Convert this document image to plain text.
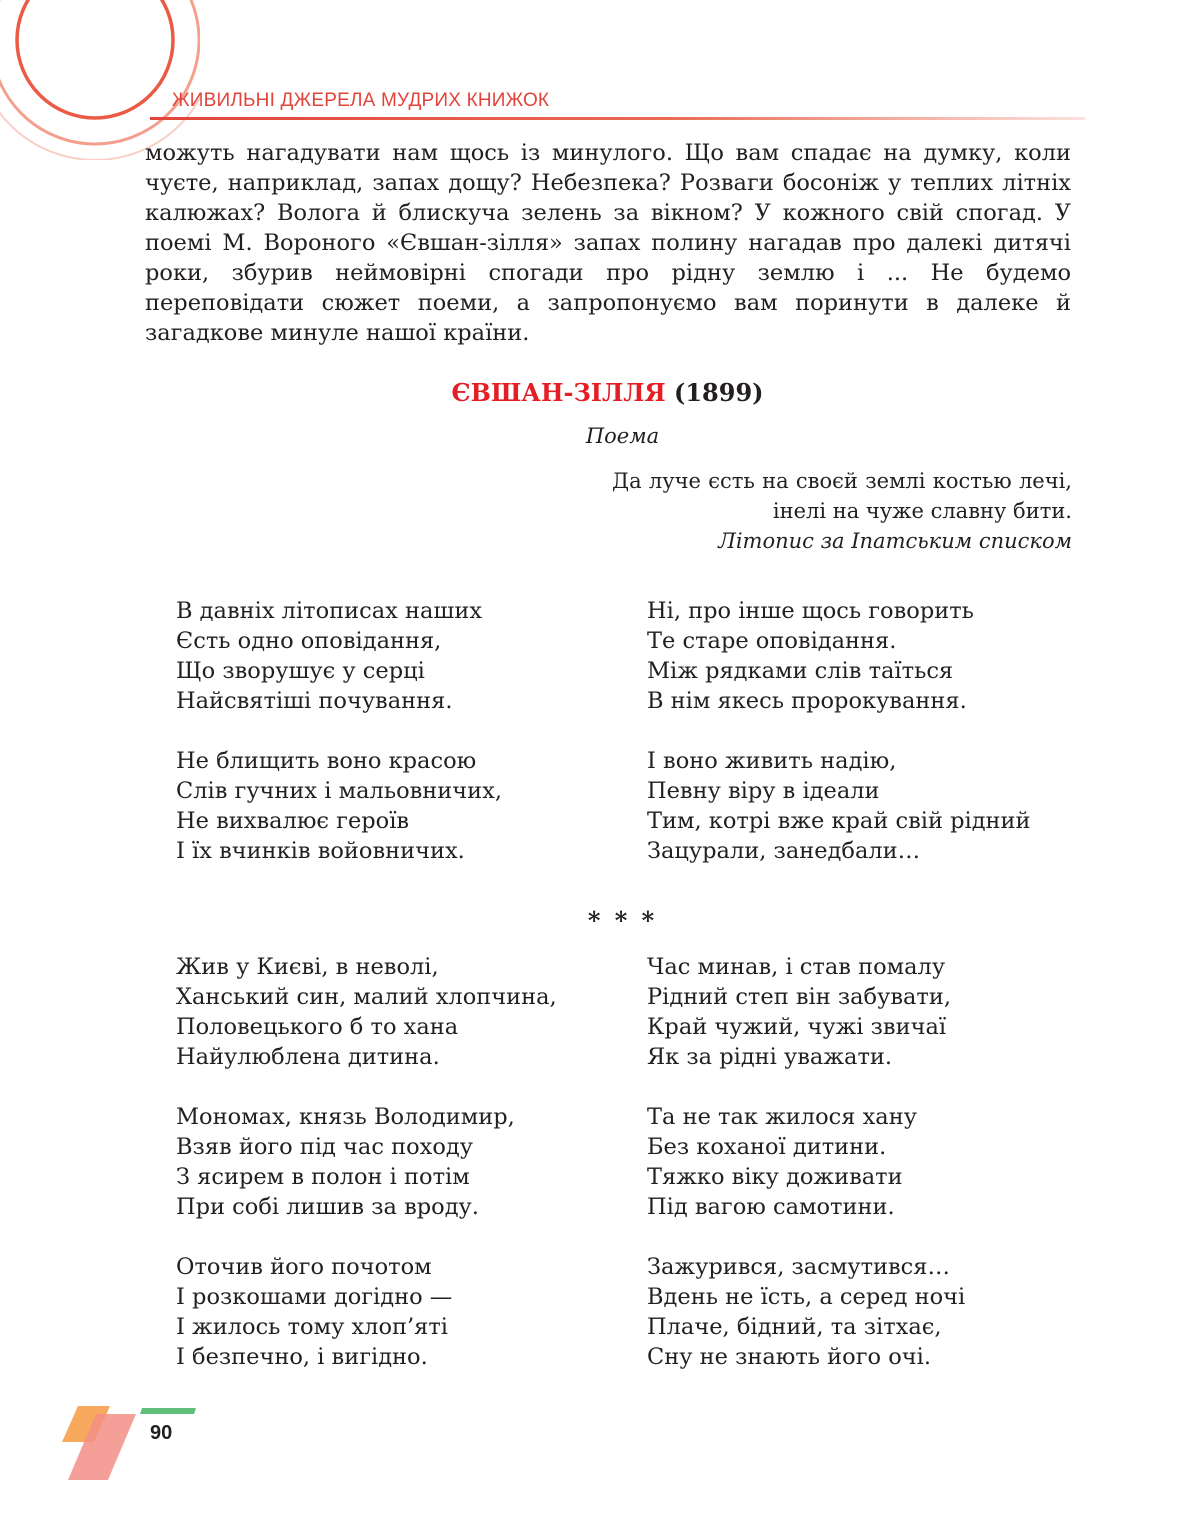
ЖИВИЛЬНІ ДЖЕРЕЛА МУДРИХ КНИЖОК

можуть нагадувати нам щось із минулого. Що вам спадає на думку, коли чуєте, наприклад, запах дощу? Небезпека? Розваги босоніж у теплих літніх калюжах? Волога й блискуча зелень за вікном? У кожного свій спогад. У поемі М. Вороного «Євшан-зілля» запах полину нагадав про далекі дитячі роки, збурив неймовірні спогади про рідну землю і ... Не будемо переповідати сюжет поеми, а запропонуємо вам поринути в далеке й загадкове минуле нашої країни.

ЄВШАН-ЗІЛЛЯ (1899)
Поема

Да луче єсть на своєй землі костью лечі, інелі на чуже славну бити.

Літопис за Іпатським списком
В давніх літописах наших
Єсть одно оповідання,
Що зворушує у серці
Найсвятіші почування.
Ні, про інше щось говорить
Те старе оповідання.
Між рядками слів таїться
В нім якесь пророкування.
Не блищить воно красою
Слів гучних і мальовничих,
Не вихвалює героїв
І їх вчинків войовничих.
І воно живить надію,
Певну віру в ідеали
Тим, котрі вже край свій рідний
Зацурали, занедбали…
* * *
Жив у Києві, в неволі,
Ханський син, малий хлопчина,
Половецького б то хана
Найулюблена дитина.
Час минав, і став помалу
Рідний степ він забувати,
Край чужий, чужі звичаї
Як за рідні уважати.
Мономах, князь Володимир,
Взяв його під час походу
З ясирем в полон і потім
При собі лишив за вроду.
Та не так жилося хану
Без коханої дитини.
Тяжко віку доживати
Під вагою самотини.
Оточив його почотом
І розкошами догідно —
І жилось тому хлоп’яті
І безпечно, і вигідно.
Зажурився, засмутився…
Вдень не їсть, а серед ночі
Плаче, бідний, та зітхає,
Сну не знають його очі.
90
